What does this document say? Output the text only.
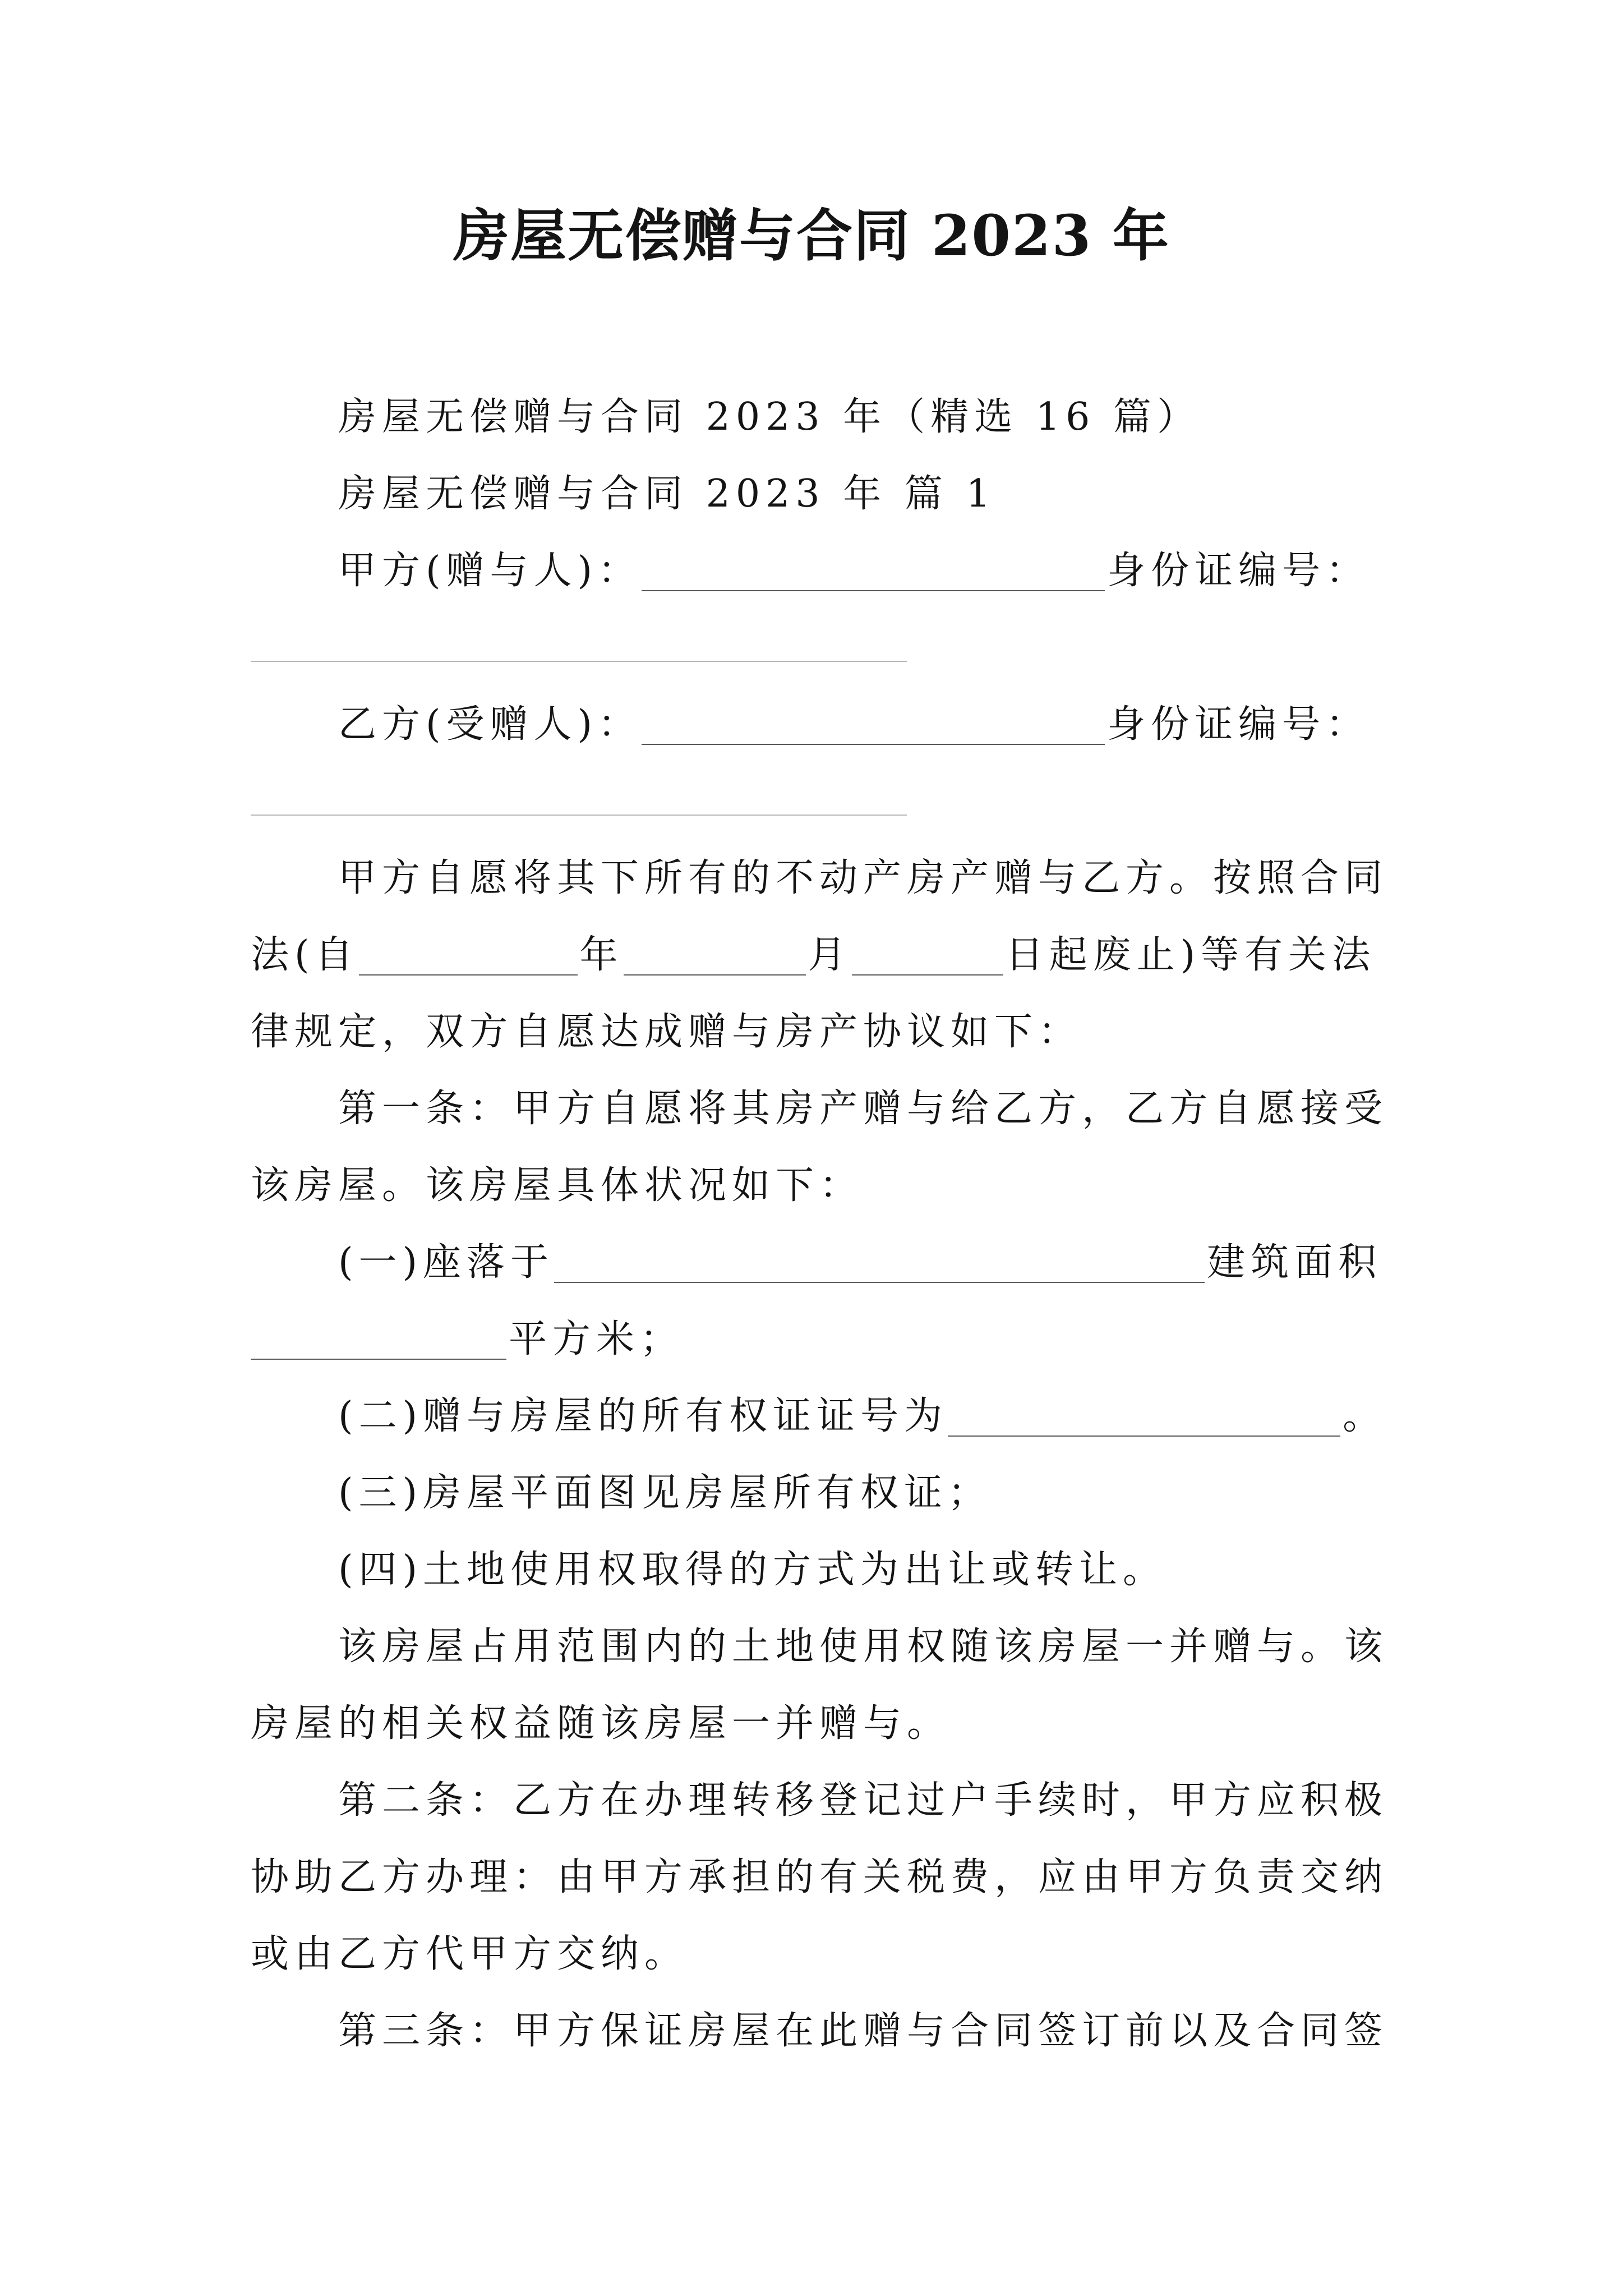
房屋无偿赠与合同 2023 年
房屋无偿赠与合同 2023 年（精选 16 篇）
房屋无偿赠与合同 2023 年 篇 1
甲方(赠与人)：	身份证编号：
乙方(受赠人)：	身份证编号：
甲方自愿将其下所有的不动产房产赠与乙方。按照合同
法(自	年	月	日起废止)等有关法
律规定，双方自愿达成赠与房产协议如下：
第一条：甲方自愿将其房产赠与给乙方，乙方自愿接受
该房屋。该房屋具体状况如下：
(一)座落于	建筑面积
平方米；
(二)赠与房屋的所有权证证号为	。
(三)房屋平面图见房屋所有权证；
(四)土地使用权取得的方式为出让或转让。
该房屋占用范围内的土地使用权随该房屋一并赠与。该
房屋的相关权益随该房屋一并赠与。
第二条：乙方在办理转移登记过户手续时，甲方应积极
协助乙方办理：由甲方承担的有关税费，应由甲方负责交纳
或由乙方代甲方交纳。
第三条：甲方保证房屋在此赠与合同签订前以及合同签
